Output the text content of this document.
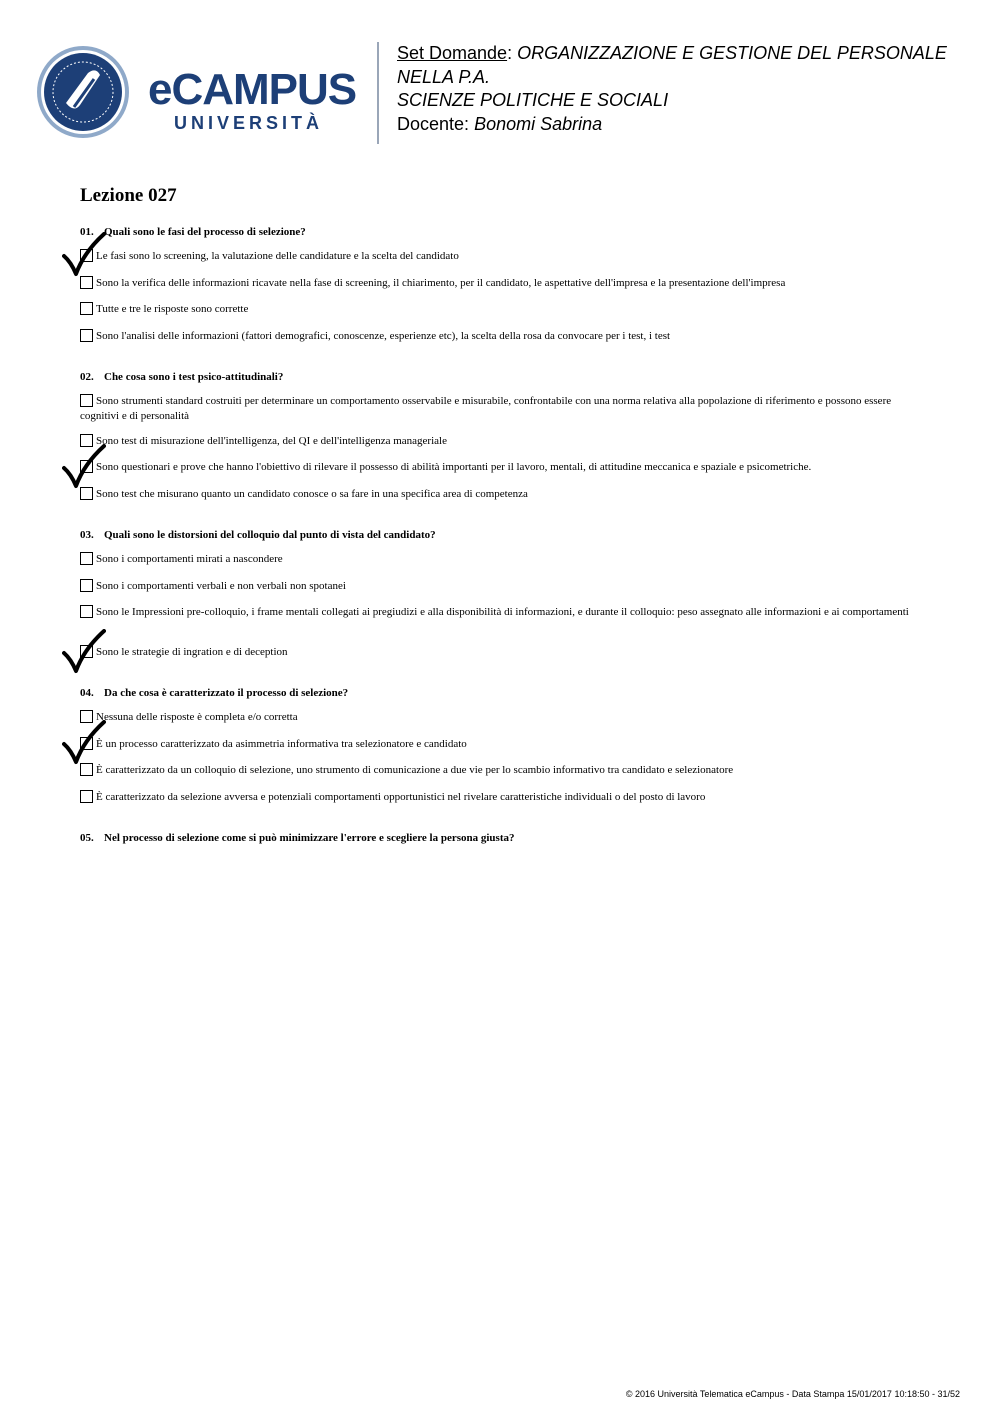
eCAMPUS
UNIVERSITÀ
Set Domande: ORGANIZZAZIONE E GESTIONE DEL PERSONALE NELLA P.A.
SCIENZE POLITICHE E SOCIALI
Docente: Bonomi Sabrina
Lezione 027
01. Quali sono le fasi del processo di selezione?
Le fasi sono lo screening, la valutazione delle candidature e la scelta del candidato
Sono la verifica delle informazioni ricavate nella fase di screening, il chiarimento, per il candidato, le aspettative dell'impresa e la presentazione dell'impresa
Tutte e tre le risposte sono corrette
Sono l'analisi delle informazioni (fattori demografici, conoscenze, esperienze etc), la scelta della rosa da convocare per i test, i test
02. Che cosa sono i test psico-attitudinali?
Sono strumenti standard costruiti per determinare un comportamento osservabile e misurabile, confrontabile con una norma relativa alla popolazione di riferimento e possono essere cognitivi e di personalità
Sono test di misurazione dell'intelligenza, del QI e dell'intelligenza manageriale
Sono questionari e prove che hanno l'obiettivo di rilevare il possesso di abilità importanti per il lavoro, mentali, di attitudine meccanica e spaziale e psicometriche.
Sono test che misurano quanto un candidato conosce o sa fare in una specifica area di competenza
03. Quali sono le distorsioni del colloquio dal punto di vista del candidato?
Sono i comportamenti mirati a nascondere
Sono i comportamenti verbali e non verbali non spotanei
Sono le Impressioni pre-colloquio, i frame mentali collegati ai pregiudizi e alla disponibilità di informazioni, e durante il colloquio: peso assegnato alle informazioni e ai comportamenti
Sono le strategie di ingration e di deception
04. Da che cosa è caratterizzato il processo di selezione?
Nessuna delle risposte è completa e/o corretta
È un processo caratterizzato da asimmetria informativa tra selezionatore e candidato
È caratterizzato da un colloquio di selezione, uno strumento di comunicazione a due vie per lo scambio informativo tra candidato e selezionatore
È caratterizzato da selezione avversa e potenziali comportamenti opportunistici nel rivelare caratteristiche individuali o del posto di lavoro
05. Nel processo di selezione come si può minimizzare l'errore e scegliere la persona giusta?
© 2016 Università Telematica eCampus - Data Stampa 15/01/2017 10:18:50 - 31/52
